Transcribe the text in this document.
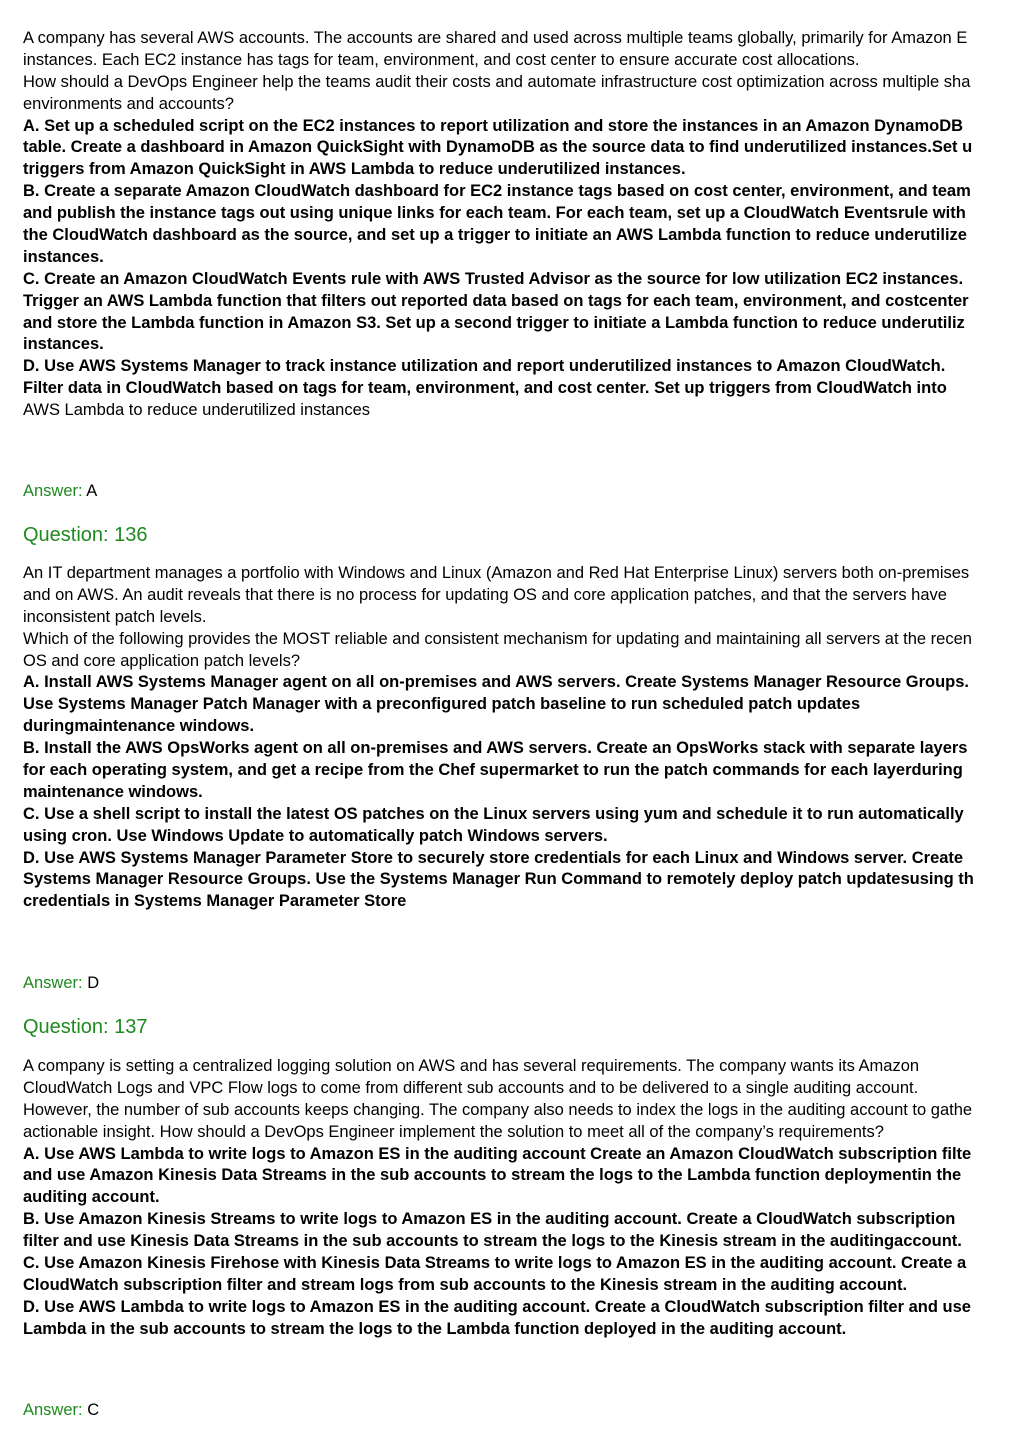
A company has several AWS accounts. The accounts are shared and used across multiple teams globally, primarily for Amazon E
instances. Each EC2 instance has tags for team, environment, and cost center to ensure accurate cost allocations.
How should a DevOps Engineer help the teams audit their costs and automate infrastructure cost optimization across multiple sha
environments and accounts?
A. Set up a scheduled script on the EC2 instances to report utilization and store the instances in an Amazon DynamoDB
table. Create a dashboard in Amazon QuickSight with DynamoDB as the source data to find underutilized instances.Set u
triggers from Amazon QuickSight in AWS Lambda to reduce underutilized instances.
B. Create a separate Amazon CloudWatch dashboard for EC2 instance tags based on cost center, environment, and team
and publish the instance tags out using unique links for each team. For each team, set up a CloudWatch Eventsrule with
the CloudWatch dashboard as the source, and set up a trigger to initiate an AWS Lambda function to reduce underutilize
instances.
C. Create an Amazon CloudWatch Events rule with AWS Trusted Advisor as the source for low utilization EC2 instances.
Trigger an AWS Lambda function that filters out reported data based on tags for each team, environment, and costcenter
and store the Lambda function in Amazon S3. Set up a second trigger to initiate a Lambda function to reduce underutiliz
instances.
D. Use AWS Systems Manager to track instance utilization and report underutilized instances to Amazon CloudWatch.
Filter data in CloudWatch based on tags for team, environment, and cost center. Set up triggers from CloudWatch into
AWS Lambda to reduce underutilized instances
Answer: A
Question: 136
An IT department manages a portfolio with Windows and Linux (Amazon and Red Hat Enterprise Linux) servers both on-premises
and on AWS. An audit reveals that there is no process for updating OS and core application patches, and that the servers have
inconsistent patch levels.
Which of the following provides the MOST reliable and consistent mechanism for updating and maintaining all servers at the recen
OS and core application patch levels?
A. Install AWS Systems Manager agent on all on-premises and AWS servers. Create Systems Manager Resource Groups.
Use Systems Manager Patch Manager with a preconfigured patch baseline to run scheduled patch updates
duringmaintenance windows.
B. Install the AWS OpsWorks agent on all on-premises and AWS servers. Create an OpsWorks stack with separate layers
for each operating system, and get a recipe from the Chef supermarket to run the patch commands for each layerduring
maintenance windows.
C. Use a shell script to install the latest OS patches on the Linux servers using yum and schedule it to run automatically
using cron. Use Windows Update to automatically patch Windows servers.
D. Use AWS Systems Manager Parameter Store to securely store credentials for each Linux and Windows server. Create
Systems Manager Resource Groups. Use the Systems Manager Run Command to remotely deploy patch updatesusing th
credentials in Systems Manager Parameter Store
Answer: D
Question: 137
A company is setting a centralized logging solution on AWS and has several requirements. The company wants its Amazon
CloudWatch Logs and VPC Flow logs to come from different sub accounts and to be delivered to a single auditing account.
However, the number of sub accounts keeps changing. The company also needs to index the logs in the auditing account to gathe
actionable insight. How should a DevOps Engineer implement the solution to meet all of the company’s requirements?
A. Use AWS Lambda to write logs to Amazon ES in the auditing account Create an Amazon CloudWatch subscription filte
and use Amazon Kinesis Data Streams in the sub accounts to stream the logs to the Lambda function deploymentin the
auditing account.
B. Use Amazon Kinesis Streams to write logs to Amazon ES in the auditing account. Create a CloudWatch subscription
filter and use Kinesis Data Streams in the sub accounts to stream the logs to the Kinesis stream in the auditingaccount.
C. Use Amazon Kinesis Firehose with Kinesis Data Streams to write logs to Amazon ES in the auditing account. Create a
CloudWatch subscription filter and stream logs from sub accounts to the Kinesis stream in the auditing account.
D. Use AWS Lambda to write logs to Amazon ES in the auditing account. Create a CloudWatch subscription filter and use
Lambda in the sub accounts to stream the logs to the Lambda function deployed in the auditing account.
Answer: C
